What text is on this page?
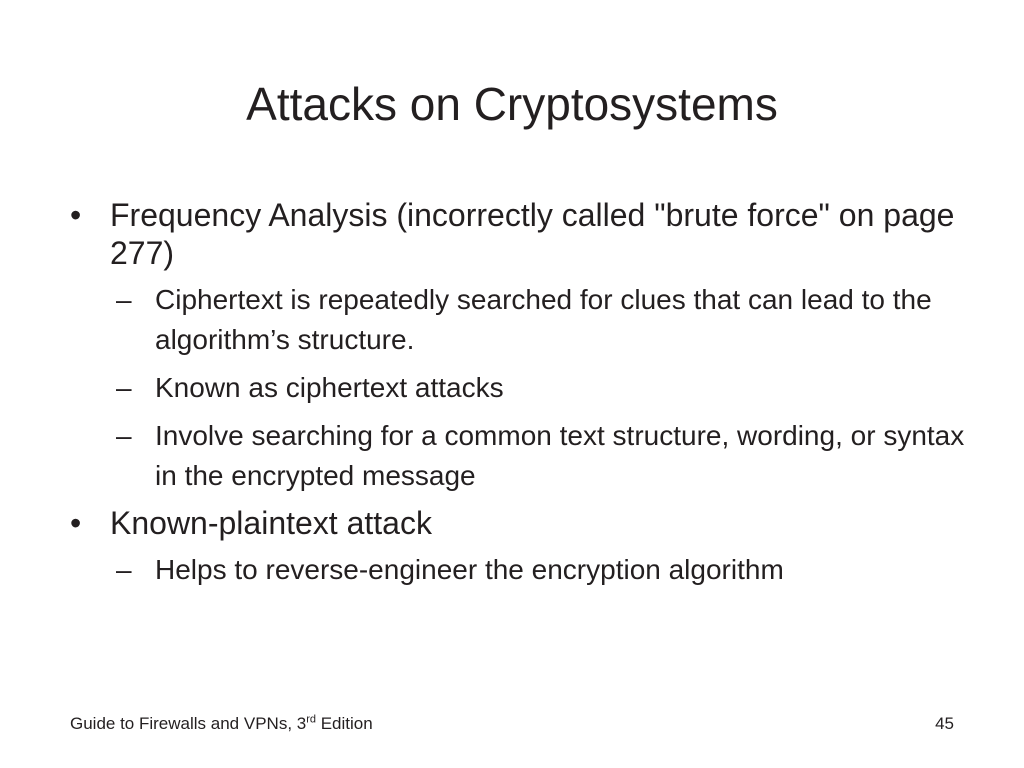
Attacks on Cryptosystems
• Frequency Analysis (incorrectly called "brute force" on page 277)
– Ciphertext is repeatedly searched for clues that can lead to the algorithm’s structure.
– Known as ciphertext attacks
– Involve searching for a common text structure, wording, or syntax in the encrypted message
• Known-plaintext attack
– Helps to reverse-engineer the encryption algorithm
Guide to Firewalls and VPNs, 3rd Edition	45
